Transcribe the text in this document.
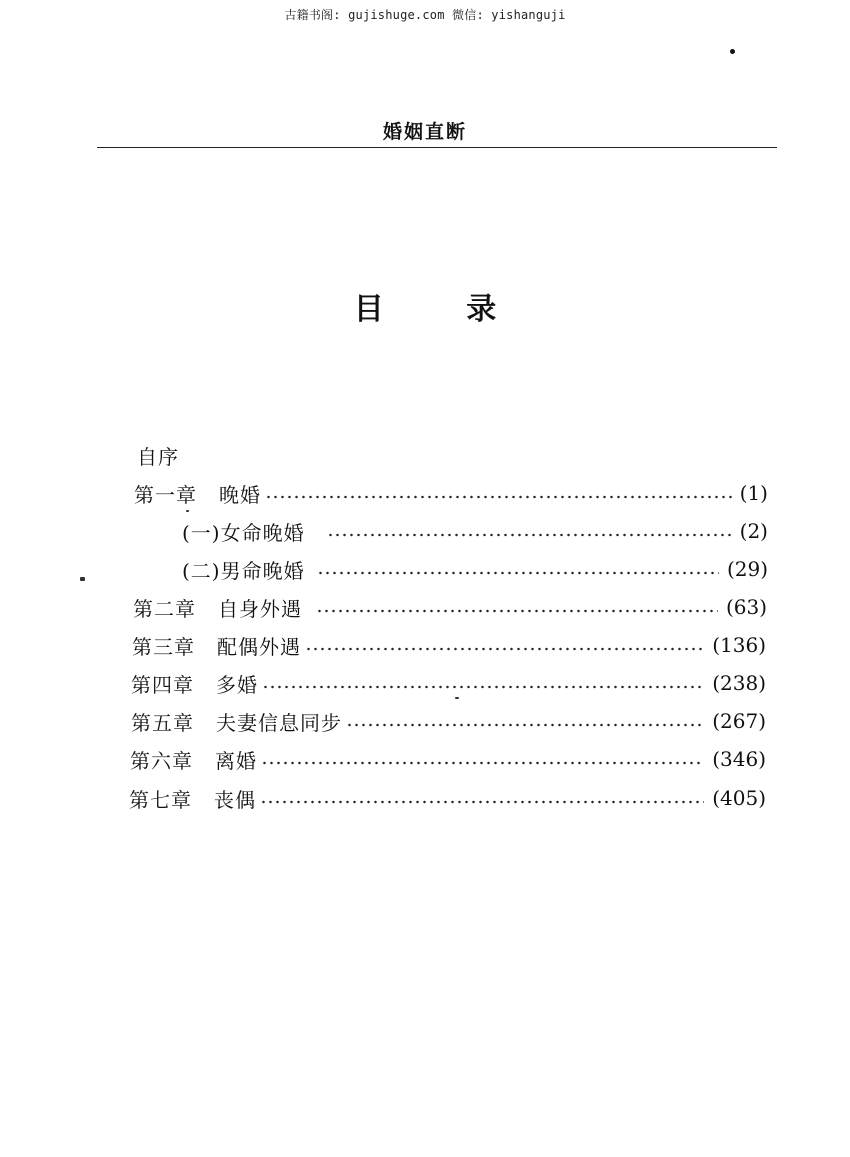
古籍书阁: gujishuge.com 微信: yishanguji
婚姻直断
目 录
自序
第一章 晚婚	(1)
(一)女命晚婚	(2)
(二)男命晚婚	(29)
第二章 自身外遇	(63)
第三章 配偶外遇	(136)
第四章 多婚	(238)
第五章 夫妻信息同步	(267)
第六章 离婚	(346)
第七章 丧偶	(405)
